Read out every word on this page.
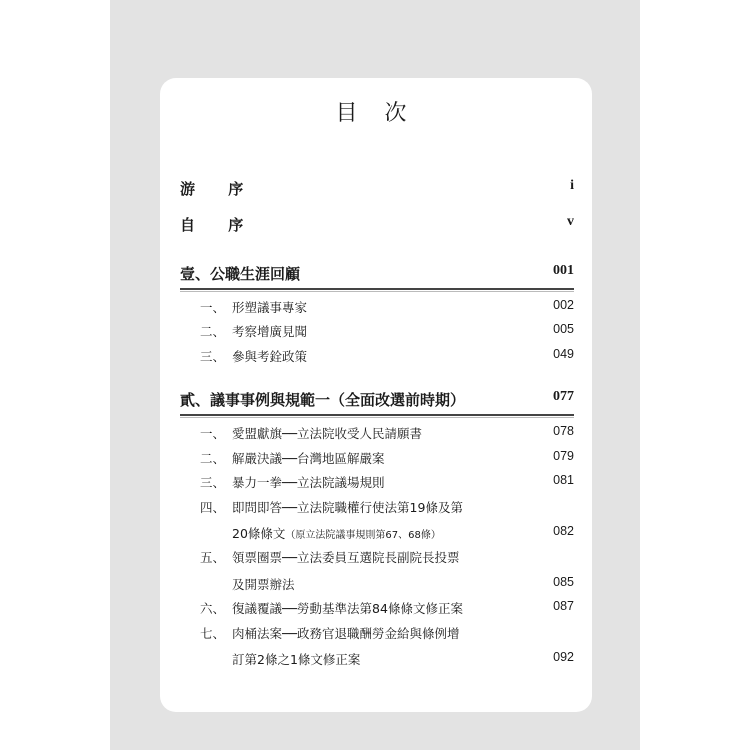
目 次
游 序	i
自 序	v
壹、公職生涯回顧	001
一、 形塑議事專家	002
二、 考察增廣見聞	005
三、 參與考銓政策	049
貳、議事事例與規範一（全面改選前時期）	077
一、 愛盟獻旗──立法院收受人民請願書	078
二、 解嚴決議──台灣地區解嚴案	079
三、 暴力一拳──立法院議場規則	081
四、 即問即答──立法院職權行使法第19條及第
20條條文（原立法院議事規則第67、68條）	082
五、 領票圈票──立法委員互選院長副院長投票
及開票辦法	085
六、 復議覆議──勞動基準法第84條條文修正案	087
七、 肉桶法案──政務官退職酬勞金給與條例增
訂第2條之1條文修正案	092
